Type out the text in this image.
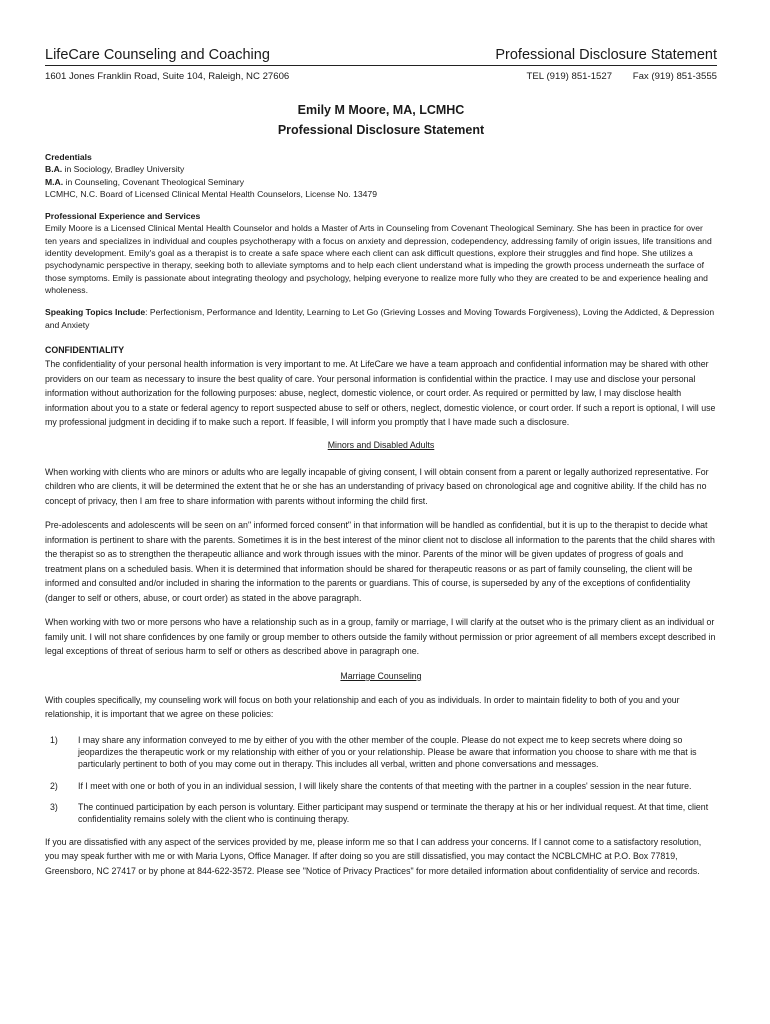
LifeCare Counseling and Coaching	Professional Disclosure Statement
1601 Jones Franklin Road, Suite 104, Raleigh, NC 27606	TEL (919) 851-1527 Fax (919) 851-3555
Emily M Moore, MA, LCMHC
Professional Disclosure Statement
Credentials
B.A. in Sociology, Bradley University
M.A. in Counseling, Covenant Theological Seminary
LCMHC, N.C. Board of Licensed Clinical Mental Health Counselors, License No. 13479
Professional Experience and Services
Emily Moore is a Licensed Clinical Mental Health Counselor and holds a Master of Arts in Counseling from Covenant Theological Seminary. She has been in practice for over ten years and specializes in individual and couples psychotherapy with a focus on anxiety and depression, codependency, addressing family of origin issues, life transitions and identity development. Emily's goal as a therapist is to create a safe space where each client can ask difficult questions, explore their struggles and find hope. She utilizes a psychodynamic perspective in therapy, seeking both to alleviate symptoms and to help each client understand what is impeding the growth process underneath the surface of those symptoms. Emily is passionate about integrating theology and psychology, helping everyone to realize more fully who they are created to be and experience healing and wholeness.
Speaking Topics Include: Perfectionism, Performance and Identity, Learning to Let Go (Grieving Losses and Moving Towards Forgiveness), Loving the Addicted, & Depression and Anxiety
CONFIDENTIALITY
The confidentiality of your personal health information is very important to me. At LifeCare we have a team approach and confidential information may be shared with other providers on our team as necessary to insure the best quality of care. Your personal information is confidential within the practice. I may use and disclose your personal information without authorization for the following purposes: abuse, neglect, domestic violence, or court order. As required or permitted by law, I may disclose health information about you to a state or federal agency to report suspected abuse to self or others, neglect, domestic violence, or court order. If such a report is optional, I will use my professional judgment in deciding if to make such a report. If feasible, I will inform you promptly that I have made such a disclosure.
Minors and Disabled Adults
When working with clients who are minors or adults who are legally incapable of giving consent, I will obtain consent from a parent or legally authorized representative. For children who are clients, it will be determined the extent that he or she has an understanding of privacy based on chronological age and cognitive ability. If the child has no concept of privacy, then I am free to share information with parents without informing the child first.
Pre-adolescents and adolescents will be seen on an" informed forced consent" in that information will be handled as confidential, but it is up to the therapist to decide what information is pertinent to share with the parents. Sometimes it is in the best interest of the minor client not to disclose all information to the parents that the child shares with the therapist so as to strengthen the therapeutic alliance and work through issues with the minor. Parents of the minor will be given updates of progress of goals and treatment plans on a scheduled basis. When it is determined that information should be shared for therapeutic reasons or as part of family counseling, the client will be informed and consulted and/or included in sharing the information to the parents or guardians. This of course, is superseded by any of the exceptions of confidentiality (danger to self or others, abuse, or court order) as stated in the above paragraph.
When working with two or more persons who have a relationship such as in a group, family or marriage, I will clarify at the outset who is the primary client as an individual or family unit. I will not share confidences by one family or group member to others outside the family without permission or prior agreement of all members except described in legal exceptions of threat of serious harm to self or others as described above in paragraph one.
Marriage Counseling
With couples specifically, my counseling work will focus on both your relationship and each of you as individuals. In order to maintain fidelity to both of you and your relationship, it is important that we agree on these policies:
1)	I may share any information conveyed to me by either of you with the other member of the couple. Please do not expect me to keep secrets where doing so jeopardizes the therapeutic work or my relationship with either of you or your relationship. Please be aware that information you choose to share with me that is particularly pertinent to both of you may come out in therapy. This includes all verbal, written and phone conversations and messages.
2)	If I meet with one or both of you in an individual session, I will likely share the contents of that meeting with the partner in a couples' session in the near future.
3)	The continued participation by each person is voluntary. Either participant may suspend or terminate the therapy at his or her individual request. At that time, client confidentiality remains solely with the client who is continuing therapy.
If you are dissatisfied with any aspect of the services provided by me, please inform me so that I can address your concerns. If I cannot come to a satisfactory resolution, you may speak further with me or with Maria Lyons, Office Manager. If after doing so you are still dissatisfied, you may contact the NCBLCMHC at P.O. Box 77819, Greensboro, NC 27417 or by phone at 844-622-3572. Please see "Notice of Privacy Practices" for more detailed information about confidentiality of service and records.
